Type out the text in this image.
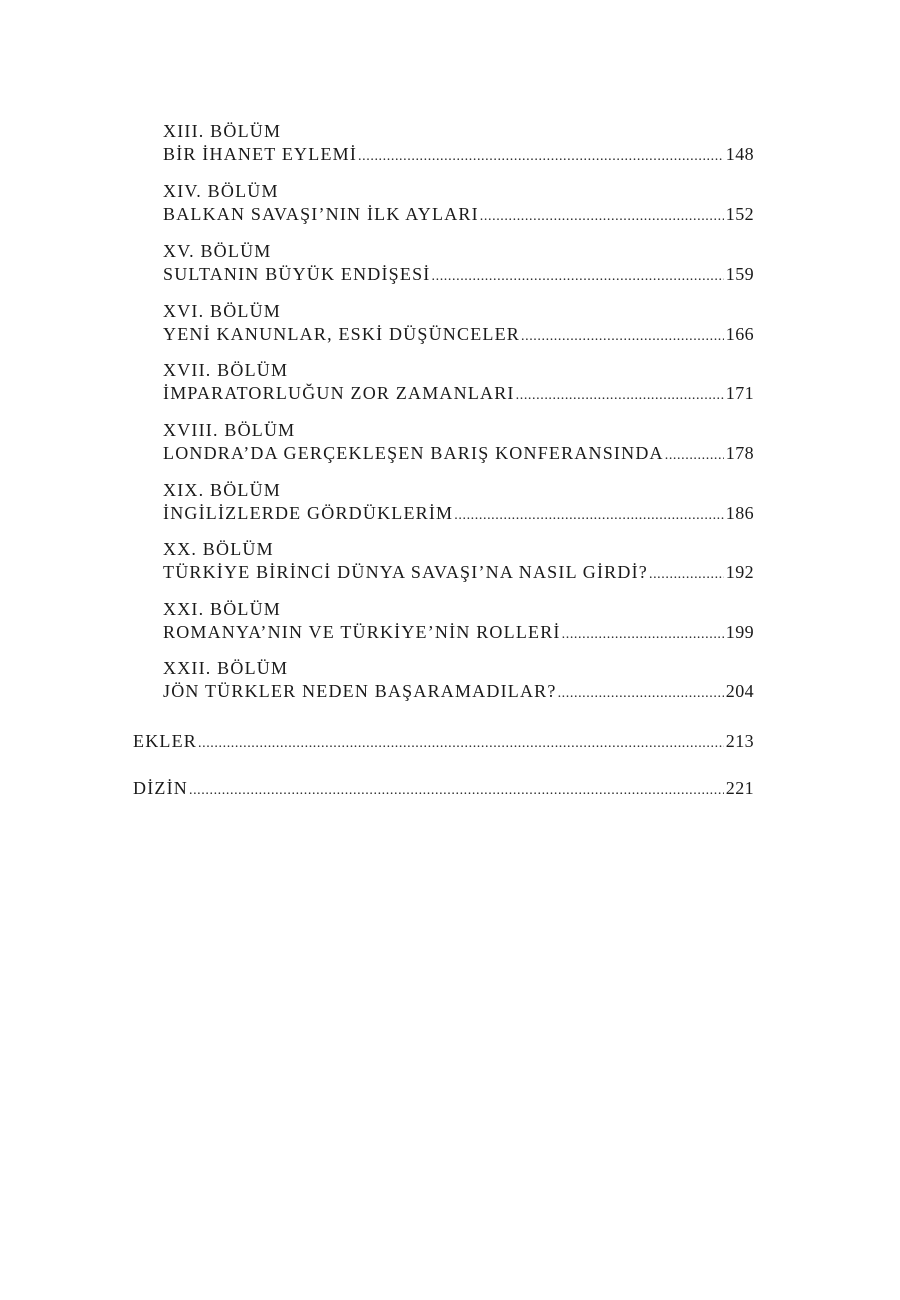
XIII. BÖLÜM
BİR İHANET EYLEMİ .....	148
XIV. BÖLÜM
BALKAN SAVAŞI’NIN İLK AYLARI .....	152
XV. BÖLÜM
SULTANIN BÜYÜK ENDİŞESİ .....	159
XVI. BÖLÜM
YENİ KANUNLAR, ESKİ DÜŞÜNCELER .....	166
XVII. BÖLÜM
İMPARATORLUĞUN ZOR ZAMANLARI .....	171
XVIII. BÖLÜM
LONDRA’DA GERÇEKLEŞEN BARIŞ KONFERANSINDA .....	178
XIX. BÖLÜM
İNGİLİZLERDE GÖRDÜKLERİM .....	186
XX. BÖLÜM
TÜRKİYE BİRİNCİ DÜNYA SAVAŞI’NA NASIL GİRDİ? .....	192
XXI. BÖLÜM
ROMANYA’NIN VE TÜRKİYE’NİN ROLLERİ .....	199
XXII. BÖLÜM
JÖN TÜRKLER NEDEN BAŞARAMADILAR? .....	204
EKLER .....	213
DİZİN .....	221
